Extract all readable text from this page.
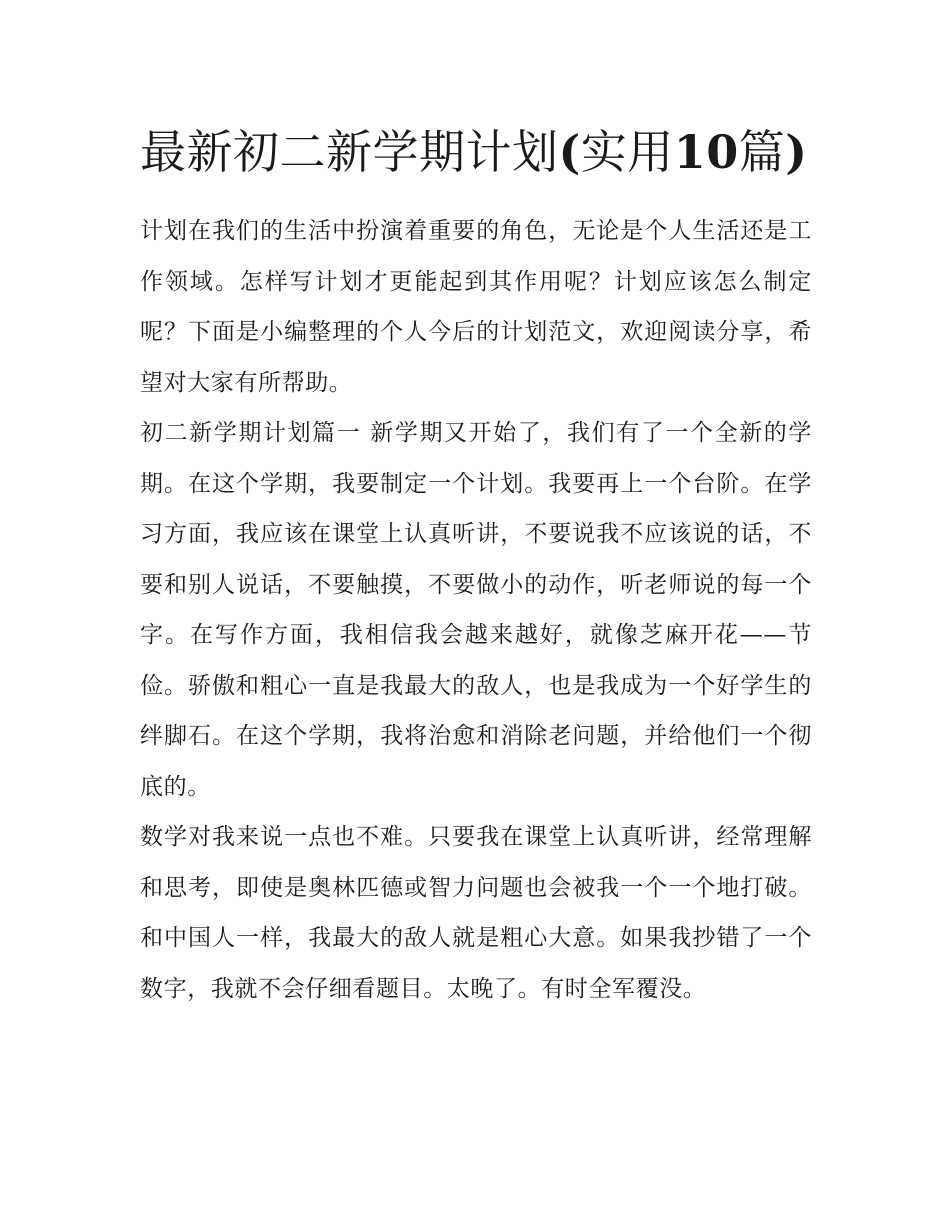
最新初二新学期计划(实用10篇)

计划在我们的生活中扮演着重要的角色，无论是个人生活还是工作领域。怎样写计划才更能起到其作用呢？计划应该怎么制定呢？下面是小编整理的个人今后的计划范文，欢迎阅读分享，希望对大家有所帮助。

初二新学期计划篇一 新学期又开始了，我们有了一个全新的学期。在这个学期，我要制定一个计划。我要再上一个台阶。在学习方面，我应该在课堂上认真听讲，不要说我不应该说的话，不要和别人说话，不要触摸，不要做小的动作，听老师说的每一个字。在写作方面，我相信我会越来越好，就像芝麻开花——节俭。骄傲和粗心一直是我最大的敌人，也是我成为一个好学生的绊脚石。在这个学期，我将治愈和消除老问题，并给他们一个彻底的。

数学对我来说一点也不难。只要我在课堂上认真听讲，经常理解和思考，即使是奥林匹德或智力问题也会被我一个一个地打破。和中国人一样，我最大的敌人就是粗心大意。如果我抄错了一个数字，我就不会仔细看题目。太晚了。有时全军覆没。
